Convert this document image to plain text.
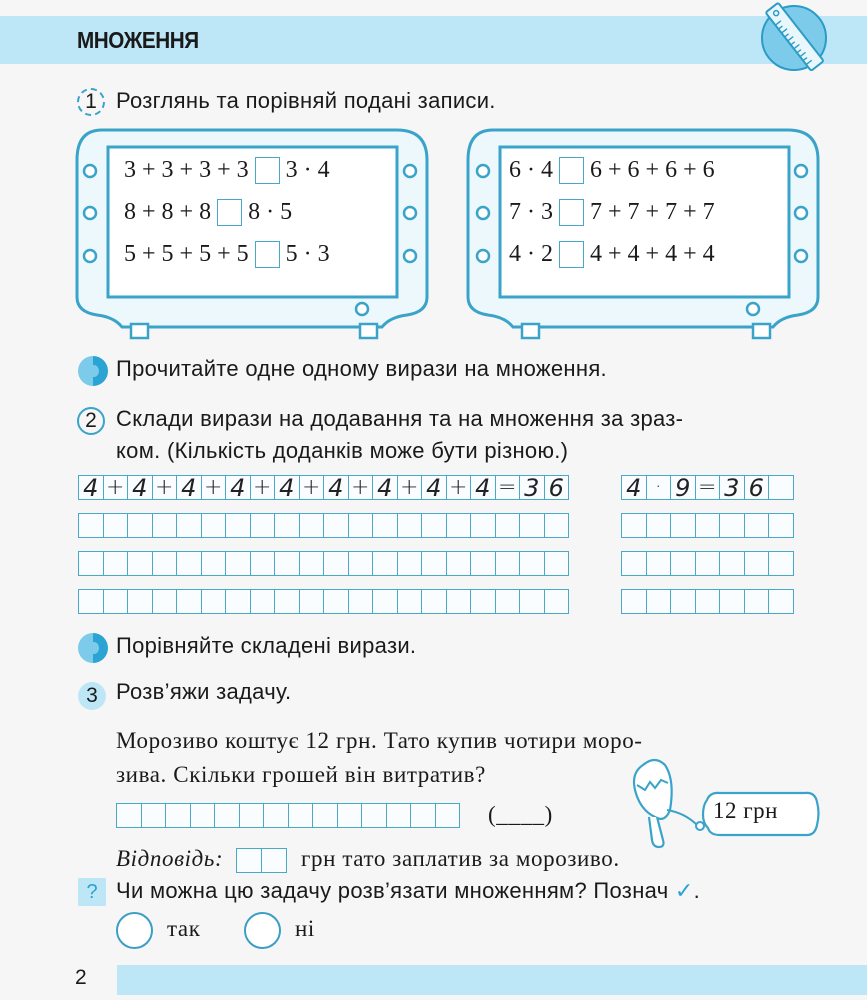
МНОЖЕННЯ
1 Розглянь та порівняй подані записи.
3 + 3 + 3 + 3 3 · 4
8 + 8 + 8 8 · 5
5 + 5 + 5 + 5 5 · 3
6 · 4 6 + 6 + 6 + 6
7 · 3 7 + 7 + 7 + 7
4 · 2 4 + 4 + 4 + 4
Прочитайте одне одному вирази на множення.
2 Склади вирази на додавання та на множення за зраз-
ком. (Кількість доданків може бути різною.)
4 + 4 + 4 + 4 + 4 + 4 + 4 + 4 + 4 = 3 6	4 · 9 = 3 6
Порівняйте складені вирази.
3 Розв’яжи задачу.
Морозиво коштує 12 грн. Тато купив чотири моро-
зива. Скільки грошей він витратив?
(____)	12 грн
Відповідь:	грн тато заплатив за морозиво.
? Чи можна цю задачу розв’язати множенням? Познач ✓.
так	ні
2
